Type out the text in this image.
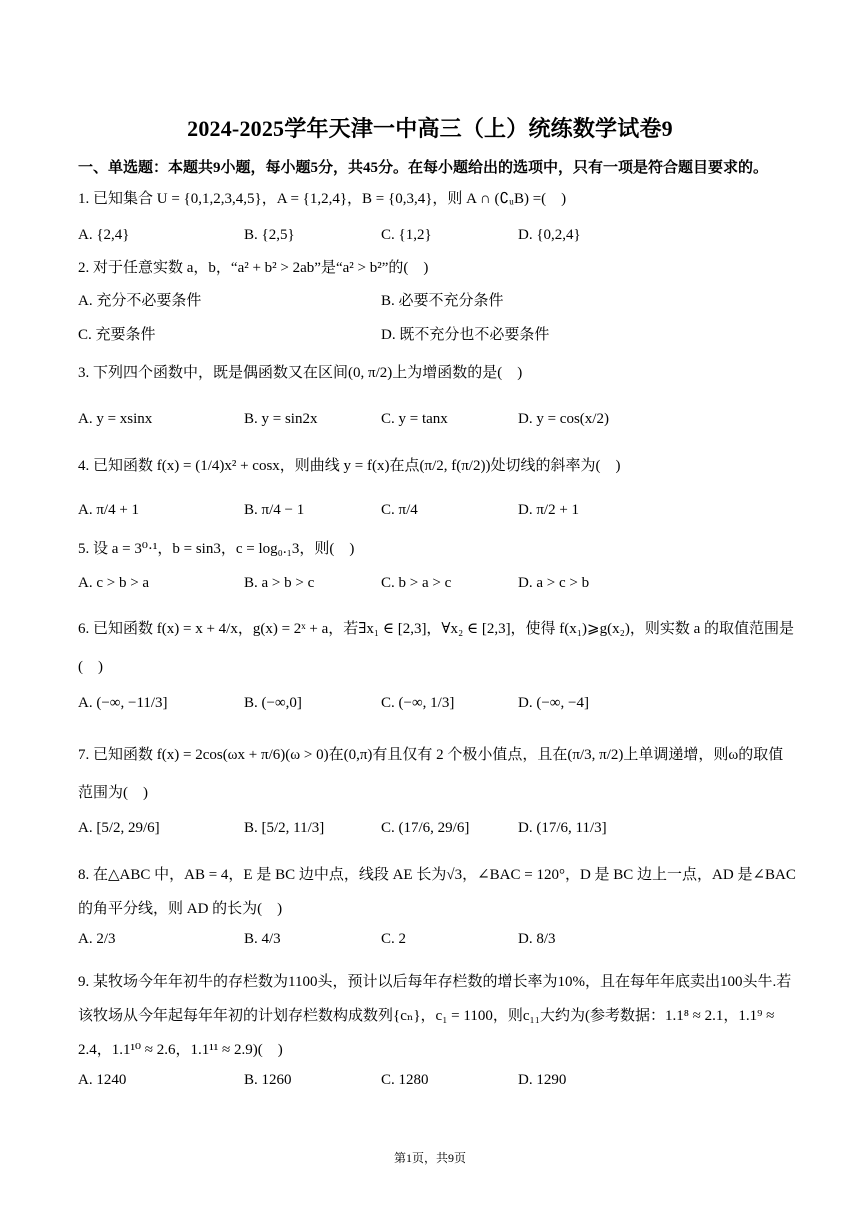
2024-2025学年天津一中高三（上）统练数学试卷9
一、单选题：本题共9小题，每小题5分，共45分。在每小题给出的选项中，只有一项是符合题目要求的。
1. 已知集合 U = {0,1,2,3,4,5}，A = {1,2,4}，B = {0,3,4}，则 A ∩ (∁ᵤB) =(　)
A. {2,4}	B. {2,5}	C. {1,2}	D. {0,2,4}
2. 对于任意实数 a，b，“a² + b² > 2ab”是“a² > b²”的(　)
A. 充分不必要条件	B. 必要不充分条件
C. 充要条件	D. 既不充分也不必要条件
3. 下列四个函数中，既是偶函数又在区间(0, π/2)上为增函数的是(　)
A. y = xsinx	B. y = sin2x	C. y = tanx	D. y = cos(x/2)
4. 已知函数 f(x) = (1/4)x² + cosx，则曲线 y = f(x)在点(π/2, f(π/2))处切线的斜率为(　)
A. π/4 + 1	B. π/4 − 1	C. π/4	D. π/2 + 1
5. 设 a = 3⁰·¹，b = sin3，c = log₀.₁3，则(　)
A. c > b > a	B. a > b > c	C. b > a > c	D. a > c > b
6. 已知函数 f(x) = x + 4/x，g(x) = 2ˣ + a，若∃x₁ ∈ [2,3]，∀x₂ ∈ [2,3]，使得 f(x₁)⩾g(x₂)，则实数 a 的取值范围是(　)
A. (−∞, −11/3]	B. (−∞,0]	C. (−∞, 1/3]	D. (−∞, −4]
7. 已知函数 f(x) = 2cos(ωx + π/6)(ω > 0)在(0,π)有且仅有 2 个极小值点，且在(π/3, π/2)上单调递增，则ω的取值范围为(　)
A. [5/2, 29/6]	B. [5/2, 11/3]	C. (17/6, 29/6]	D. (17/6, 11/3]
8. 在△ABC 中，AB = 4，E 是 BC 边中点，线段 AE 长为√3，∠BAC = 120°，D 是 BC 边上一点，AD 是∠BAC 的角平分线，则 AD 的长为(　)
A. 2/3	B. 4/3	C. 2	D. 8/3
9. 某牧场今年年初牛的存栏数为1100头，预计以后每年存栏数的增长率为10%，且在每年年底卖出100头牛.若该牧场从今年起每年年初的计划存栏数构成数列{cₙ}，c₁ = 1100，则c₁₁大约为(参考数据：1.1⁸ ≈ 2.1，1.1⁹ ≈ 2.4，1.1¹⁰ ≈ 2.6，1.1¹¹ ≈ 2.9)(　)
A. 1240	B. 1260	C. 1280	D. 1290
第1页，共9页
